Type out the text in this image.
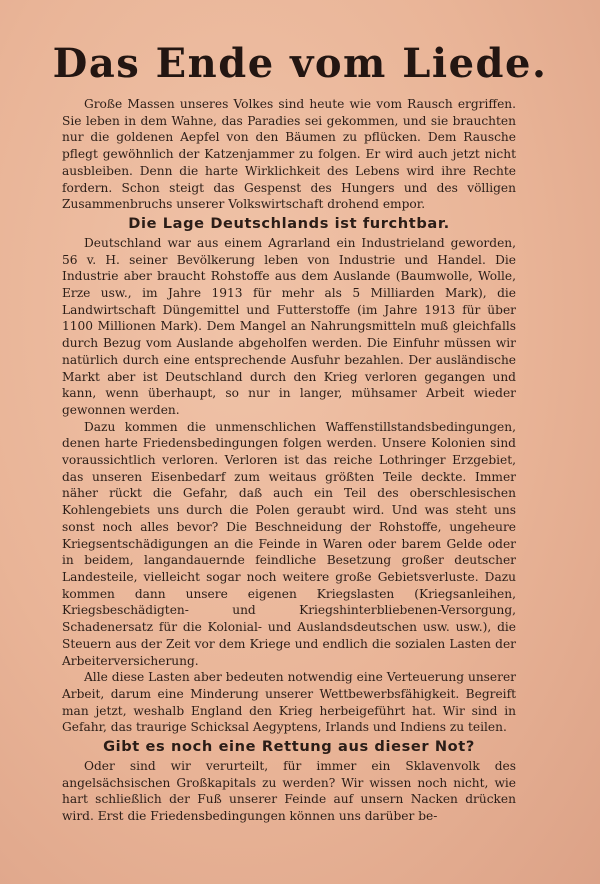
Das Ende vom Liede.

Große Massen unseres Volkes sind heute wie vom Rausch ergriffen. Sie leben in dem Wahne, das Paradies sei gekommen, und sie brauchten nur die goldenen Aepfel von den Bäumen zu pflücken. Dem Rausche pflegt gewöhnlich der Katzenjammer zu folgen. Er wird auch jetzt nicht ausbleiben. Denn die harte Wirklichkeit des Lebens wird ihre Rechte fordern. Schon steigt das Gespenst des Hungers und des völligen Zusammenbruchs unserer Volkswirtschaft drohend empor.

Die Lage Deutschlands ist furchtbar.

Deutschland war aus einem Agrarland ein Industrieland geworden, 56 v. H. seiner Bevölkerung leben von Industrie und Handel. Die Industrie aber braucht Rohstoffe aus dem Auslande (Baumwolle, Wolle, Erze usw., im Jahre 1913 für mehr als 5 Milliarden Mark), die Landwirtschaft Düngemittel und Futterstoffe (im Jahre 1913 für über 1100 Millionen Mark). Dem Mangel an Nahrungsmitteln muß gleichfalls durch Bezug vom Auslande abgeholfen werden. Die Einfuhr müssen wir natürlich durch eine entsprechende Ausfuhr bezahlen. Der ausländische Markt aber ist Deutschland durch den Krieg verloren gegangen und kann, wenn überhaupt, so nur in langer, mühsamer Arbeit wieder gewonnen werden.

Dazu kommen die unmenschlichen Waffenstillstandsbedingungen, denen harte Friedensbedingungen folgen werden. Unsere Kolonien sind voraussichtlich verloren. Verloren ist das reiche Lothringer Erzgebiet, das unseren Eisenbedarf zum weitaus größten Teile deckte. Immer näher rückt die Gefahr, daß auch ein Teil des oberschlesischen Kohlengebiets uns durch die Polen geraubt wird. Und was steht uns sonst noch alles bevor? Die Beschneidung der Rohstoffe, ungeheure Kriegsentschädigungen an die Feinde in Waren oder barem Gelde oder in beidem, langandauernde feindliche Besetzung großer deutscher Landesteile, vielleicht sogar noch weitere große Gebietsverluste. Dazu kommen dann unsere eigenen Kriegslasten (Kriegsanleihen, Kriegsbeschädigten- und Kriegshinterbliebenen-Versorgung, Schadenersatz für die Kolonial- und Auslandsdeutschen usw. usw.), die Steuern aus der Zeit vor dem Kriege und endlich die sozialen Lasten der Arbeiterversicherung.

Alle diese Lasten aber bedeuten notwendig eine Verteuerung unserer Arbeit, darum eine Minderung unserer Wettbewerbsfähigkeit. Begreift man jetzt, weshalb England den Krieg herbeigeführt hat. Wir sind in Gefahr, das traurige Schicksal Aegyptens, Irlands und Indiens zu teilen.

Gibt es noch eine Rettung aus dieser Not?

Oder sind wir verurteilt, für immer ein Sklavenvolk des angelsächsischen Großkapitals zu werden? Wir wissen noch nicht, wie hart schließlich der Fuß unserer Feinde auf unsern Nacken drücken wird. Erst die Friedensbedingungen können uns darüber be-
